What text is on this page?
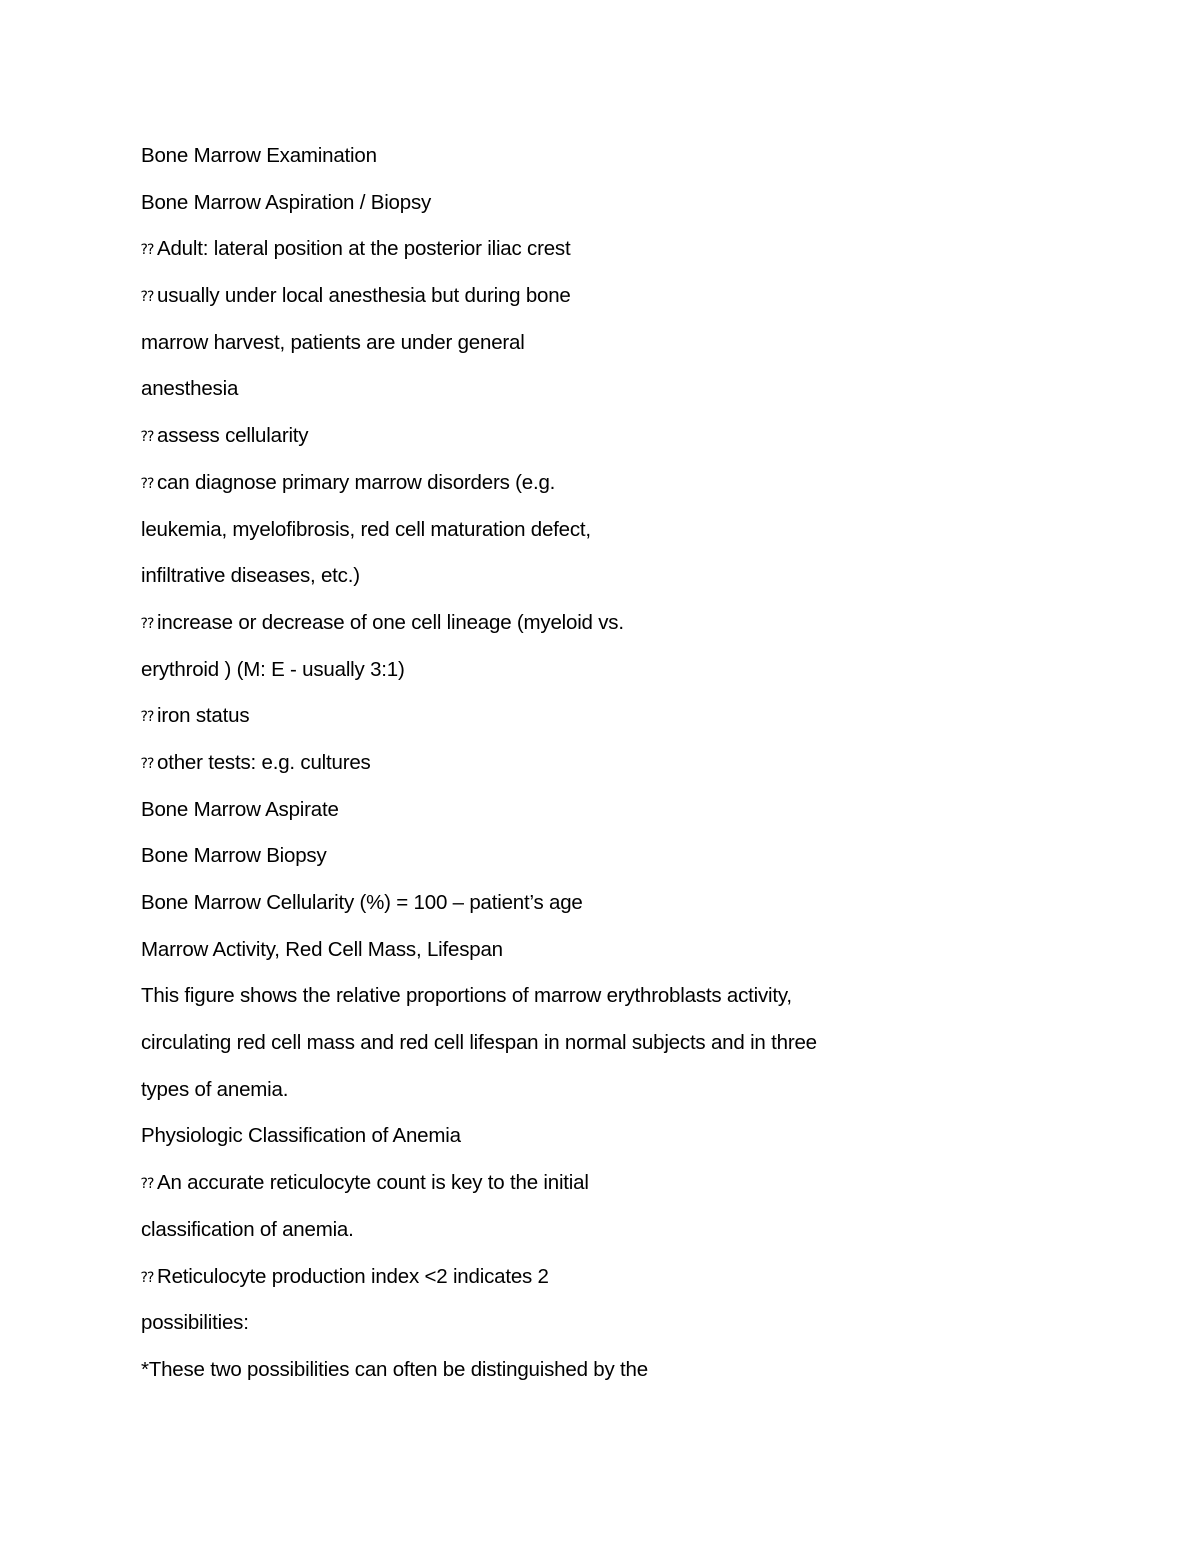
Bone Marrow Examination
Bone Marrow Aspiration / Biopsy
⁇ Adult: lateral position at the posterior iliac crest
⁇ usually under local anesthesia but during bone
marrow harvest, patients are under general
anesthesia
⁇ assess cellularity
⁇ can diagnose primary marrow disorders (e.g.
leukemia, myelofibrosis, red cell maturation defect,
infiltrative diseases, etc.)
⁇ increase or decrease of one cell lineage (myeloid vs.
erythroid ) (M: E - usually 3:1)
⁇ iron status
⁇ other tests: e.g. cultures
Bone Marrow Aspirate
Bone Marrow Biopsy
Bone Marrow Cellularity (%) = 100 – patient’s age
Marrow Activity, Red Cell Mass, Lifespan
This figure shows the relative proportions of marrow erythroblasts activity,
circulating red cell mass and red cell lifespan in normal subjects and in three
types of anemia.
Physiologic Classification of Anemia
⁇ An accurate reticulocyte count is key to the initial
classification of anemia.
⁇ Reticulocyte production index <2 indicates 2
possibilities:
*These two possibilities can often be distinguished by the
